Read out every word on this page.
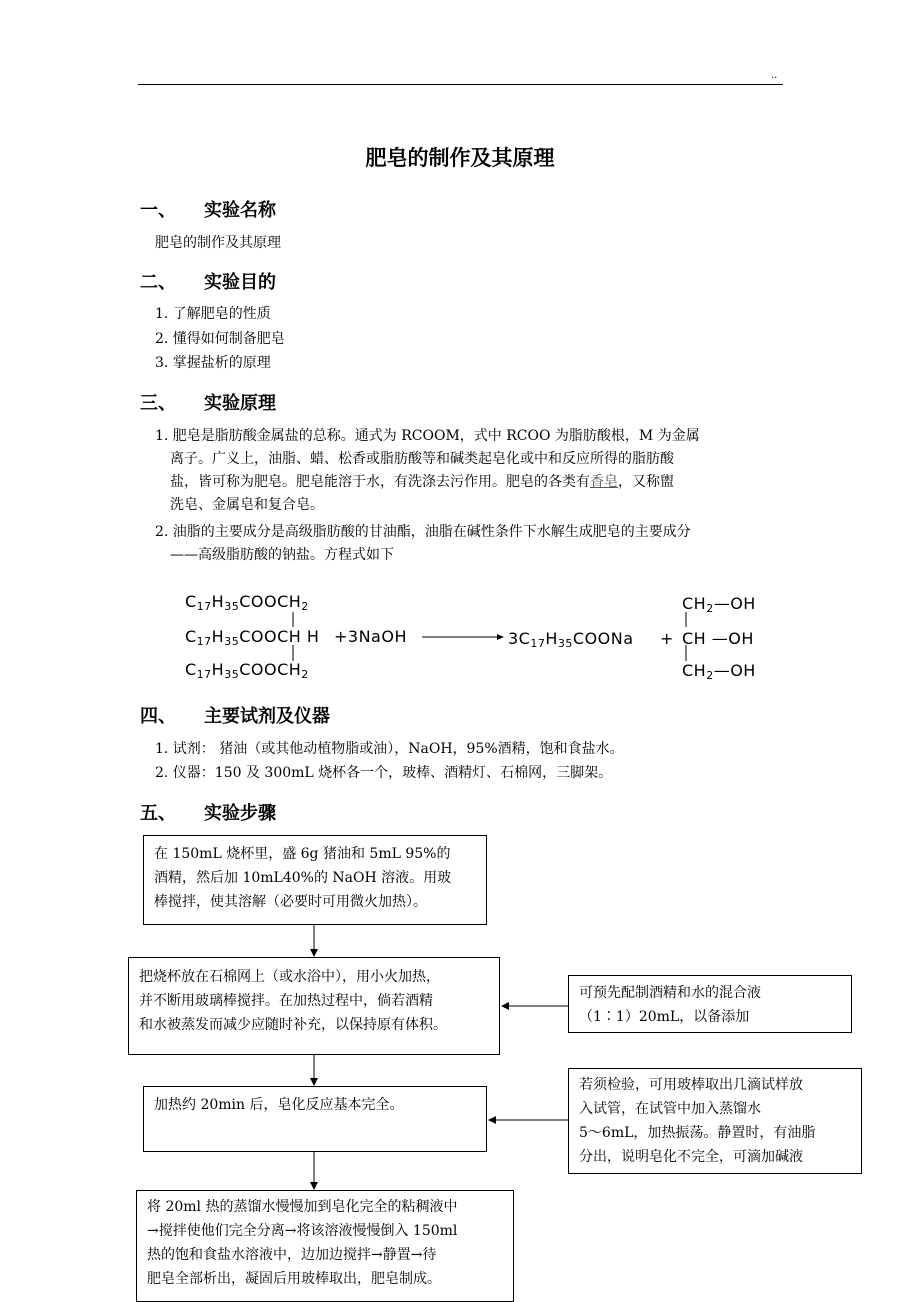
..
肥皂的制作及其原理
一、 实验名称
肥皂的制作及其原理
二、 实验目的
1. 了解肥皂的性质
2. 懂得如何制备肥皂
3. 掌握盐析的原理
三、 实验原理
1. 肥皂是脂肪酸金属盐的总称。通式为 RCOOM，式中 RCOO 为脂肪酸根，M 为金属
离子。广义上，油脂、蜡、松香或脂肪酸等和碱类起皂化或中和反应所得的脂肪酸
盐，皆可称为肥皂。肥皂能溶于水，有洗涤去污作用。肥皂的各类有香皂，又称盥
洗皂、金属皂和复合皂。
2. 油脂的主要成分是高级脂肪酸的甘油酯，油脂在碱性条件下水解生成肥皂的主要成分
——高级脂肪酸的钠盐。方程式如下
$C_{17}H_{35}COOCH_2$
$C_{17}H_{35}COOCH$ H
$C_{17}H_{35}COOCH_2$
+3NaOH	$3C_{17}H_{35}COONa$ +
$CH_2—OH$
CH —OH
$CH_2—OH$
四、 主要试剂及仪器
1. 试剂： 猪油（或其他动植物脂或油），NaOH，95%酒精，饱和食盐水。
2. 仪器：150 及 300mL 烧杯各一个，玻棒、酒精灯、石棉网，三脚架。
五、 实验步骤
在 150mL 烧杯里，盛 6g 猪油和 5mL 95%的
酒精，然后加 10mL40%的 NaOH 溶液。用玻
棒搅拌，使其溶解（必要时可用微火加热）。
把烧杯放在石棉网上（或水浴中），用小火加热，
并不断用玻璃棒搅拌。在加热过程中，倘若酒精
和水被蒸发而减少应随时补充，以保持原有体积。
可预先配制酒精和水的混合液
（1∶1）20mL，以备添加
加热约 20min 后，皂化反应基本完全。
若须检验，可用玻棒取出几滴试样放
入试管，在试管中加入蒸馏水
5～6mL，加热振荡。静置时，有油脂
分出，说明皂化不完全，可滴加碱液
将 20ml 热的蒸馏水慢慢加到皂化完全的粘稠液中
→搅拌使他们完全分离→将该溶液慢慢倒入 150ml
热的饱和食盐水溶液中，边加边搅拌→静置→待
肥皂全部析出，凝固后用玻棒取出，肥皂制成。
